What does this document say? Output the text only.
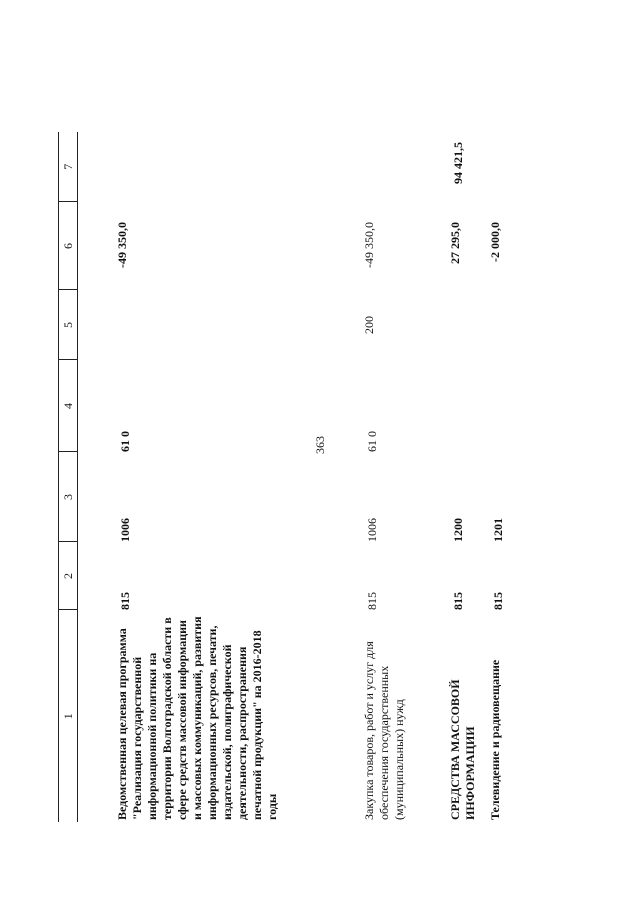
363
1	2	3	4	5	6	7
Ведомственная целевая программа "Реализация государственной информационной политики на территории Волгоградской области в сфере средств массовой информации и массовых коммуникаций, развития информационных ресурсов, печати, издательской, полиграфической деятельности, распространения печатной продукции" на 2016-2018 годы	815	1006	61 0		-49 350,0	
Закупка товаров, работ и услуг для обеспечения государственных (муниципальных) нужд	815	1006	61 0	200	-49 350,0	
СРЕДСТВА МАССОВОЙ ИНФОРМАЦИИ	815	1200			27 295,0	94 421,5
Телевидение и радиовещание	815	1201			-2 000,0	
